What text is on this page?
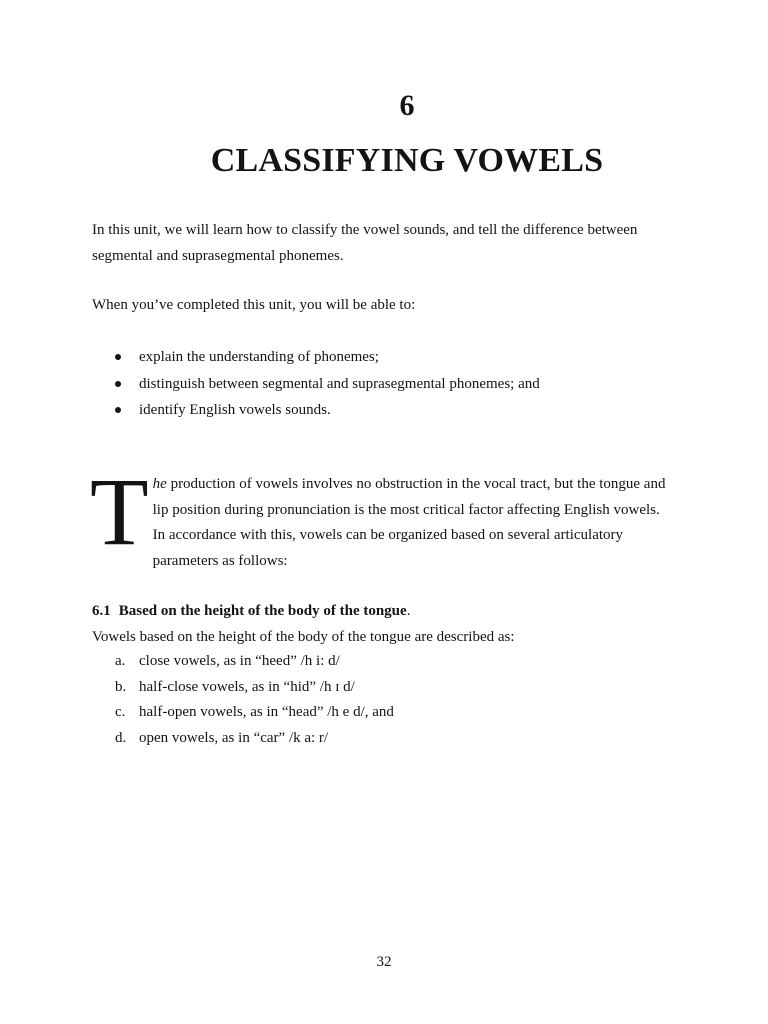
6
CLASSIFYING VOWELS
In this unit, we will learn how to classify the vowel sounds, and tell the difference between segmental and suprasegmental phonemes.
When you’ve completed this unit, you will be able to:
explain the understanding of phonemes;
distinguish between segmental and suprasegmental phonemes; and
identify English vowels sounds.
The production of vowels involves no obstruction in the vocal tract, but the tongue and lip position during pronunciation is the most critical factor affecting English vowels. In accordance with this, vowels can be organized based on several articulatory parameters as follows:
6.1 Based on the height of the body of the tongue.
Vowels based on the height of the body of the tongue are described as:
a. close vowels, as in “heed” /h i: d/
b. half-close vowels, as in “hid” /h ɪ d/
c. half-open vowels, as in “head” /h e d/, and
d. open vowels, as in “car” /k a: r/
32
